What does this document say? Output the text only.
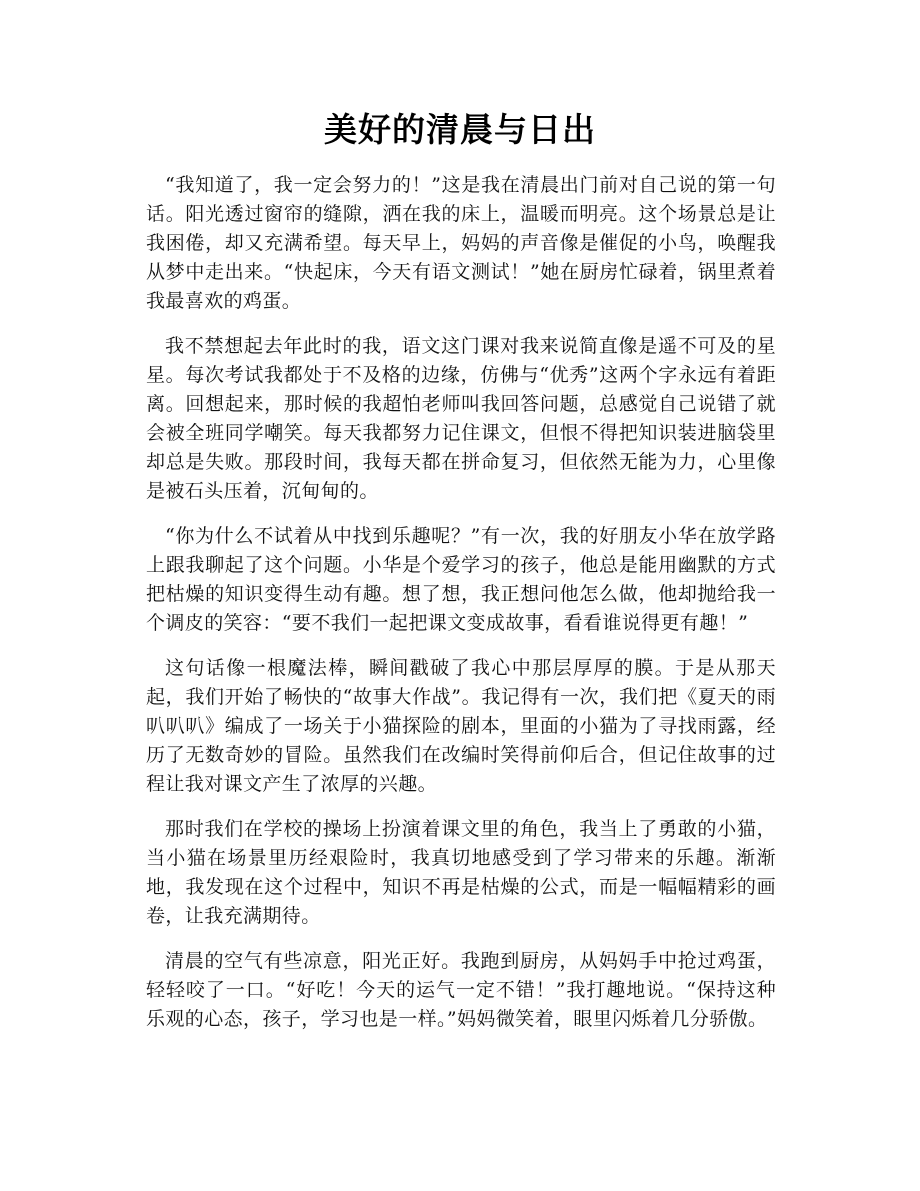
美好的清晨与日出

“我知道了，我一定会努力的！”这是我在清晨出门前对自己说的第一句话。阳光透过窗帘的缝隙，洒在我的床上，温暖而明亮。这个场景总是让我困倦，却又充满希望。每天早上，妈妈的声音像是催促的小鸟，唤醒我从梦中走出来。“快起床，今天有语文测试！”她在厨房忙碌着，锅里煮着我最喜欢的鸡蛋。

我不禁想起去年此时的我，语文这门课对我来说简直像是遥不可及的星星。每次考试我都处于不及格的边缘，仿佛与“优秀”这两个字永远有着距离。回想起来，那时候的我超怕老师叫我回答问题，总感觉自己说错了就会被全班同学嘲笑。每天我都努力记住课文，但恨不得把知识装进脑袋里却总是失败。那段时间，我每天都在拼命复习，但依然无能为力，心里像是被石头压着，沉甸甸的。

“你为什么不试着从中找到乐趣呢？”有一次，我的好朋友小华在放学路上跟我聊起了这个问题。小华是个爱学习的孩子，他总是能用幽默的方式把枯燥的知识变得生动有趣。想了想，我正想问他怎么做，他却抛给我一个调皮的笑容：“要不我们一起把课文变成故事，看看谁说得更有趣！”

这句话像一根魔法棒，瞬间戳破了我心中那层厚厚的膜。于是从那天起，我们开始了畅快的“故事大作战”。我记得有一次，我们把《夏天的雨叭叭叭》编成了一场关于小猫探险的剧本，里面的小猫为了寻找雨露，经历了无数奇妙的冒险。虽然我们在改编时笑得前仰后合，但记住故事的过程让我对课文产生了浓厚的兴趣。

那时我们在学校的操场上扮演着课文里的角色，我当上了勇敢的小猫，当小猫在场景里历经艰险时，我真切地感受到了学习带来的乐趣。渐渐地，我发现在这个过程中，知识不再是枯燥的公式，而是一幅幅精彩的画卷，让我充满期待。

清晨的空气有些凉意，阳光正好。我跑到厨房，从妈妈手中抢过鸡蛋，轻轻咬了一口。“好吃！今天的运气一定不错！”我打趣地说。“保持这种乐观的心态，孩子，学习也是一样。”妈妈微笑着，眼里闪烁着几分骄傲。
